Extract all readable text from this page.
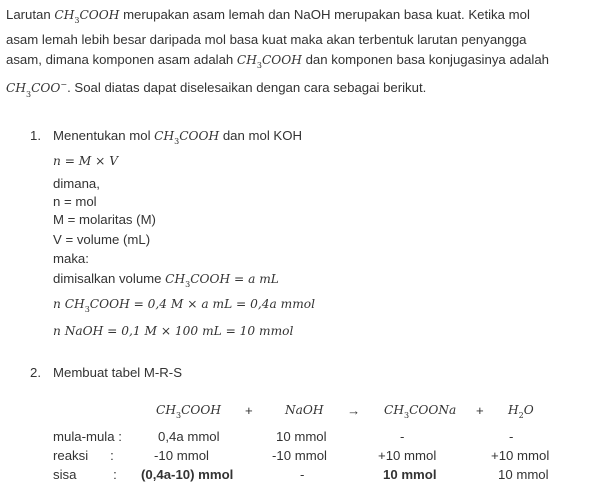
Larutan $CH_3COOH$ merupakan asam lemah dan NaOH merupakan basa kuat. Ketika mol
asam lemah lebih besar daripada mol basa kuat maka akan terbentuk larutan penyangga
asam, dimana komponen asam adalah $CH_3COOH$ dan komponen basa konjugasinya adalah
$CH_3COO^-$. Soal diatas dapat diselesaikan dengan cara sebagai berikut.
1. Menentukan mol $CH_3COOH$ dan mol KOH
n = M × V
dimana,
n = mol
M = molaritas (M)
V = volume (mL)
maka:
dimisalkan volume $CH_3COOH = a$ mL
n $CH_3COOH = 0,4$ M × a mL = 0,4a mmol
n NaOH = 0,1 M × 100 mL = 10 mmol
2. Membuat tabel M-R-S
$CH_3COOH$ +	NaOH → $CH_3COONa + H_2O$
mula-mula :	0,4a mmol	10 mmol	-	-
reaksi      :	-10 mmol	-10 mmol	+10 mmol	+10 mmol
sisa          : (0,4a-10) mmol	-	10 mmol	10 mmol
